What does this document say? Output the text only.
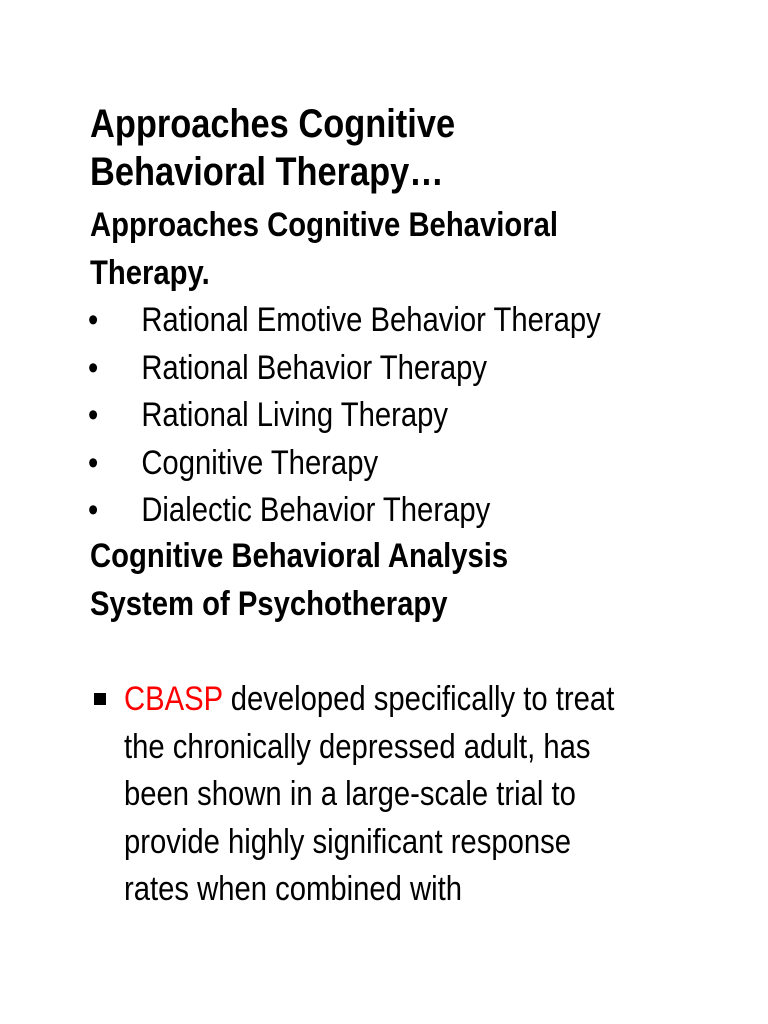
Approaches Cognitive
Behavioral Therapy…
Approaches Cognitive Behavioral
Therapy.
• Rational Emotive Behavior Therapy
• Rational Behavior Therapy
• Rational Living Therapy
• Cognitive Therapy
• Dialectic Behavior Therapy
Cognitive Behavioral Analysis
System of Psychotherapy
CBASP developed specifically to treat
the chronically depressed adult, has
been shown in a large-scale trial to
provide highly significant response
rates when combined with
